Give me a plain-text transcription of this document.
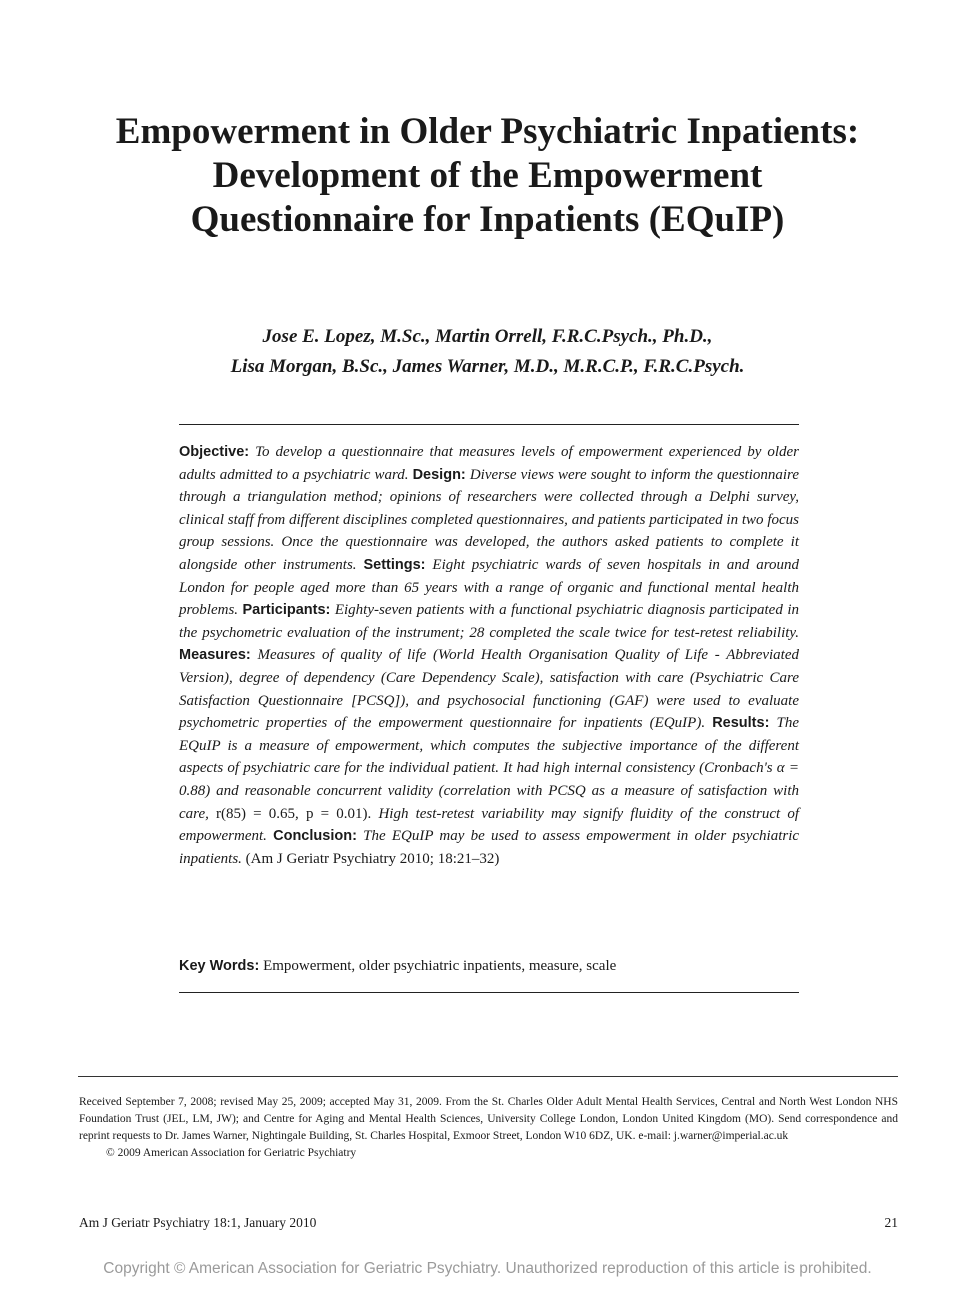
Empowerment in Older Psychiatric Inpatients: Development of the Empowerment Questionnaire for Inpatients (EQuIP)
Jose E. Lopez, M.Sc., Martin Orrell, F.R.C.Psych., Ph.D.,
Lisa Morgan, B.Sc., James Warner, M.D., M.R.C.P., F.R.C.Psych.
Objective: To develop a questionnaire that measures levels of empowerment experienced by older adults admitted to a psychiatric ward. Design: Diverse views were sought to inform the questionnaire through a triangulation method; opinions of researchers were collected through a Delphi survey, clinical staff from different disciplines completed questionnaires, and patients participated in two focus group sessions. Once the questionnaire was developed, the authors asked patients to complete it alongside other instruments. Settings: Eight psychiatric wards of seven hospitals in and around London for people aged more than 65 years with a range of organic and functional mental health problems. Participants: Eighty-seven patients with a functional psychiatric diagnosis participated in the psychometric evaluation of the instrument; 28 completed the scale twice for test-retest reliability. Measures: Measures of quality of life (World Health Organisation Quality of Life - Abbreviated Version), degree of dependency (Care Dependency Scale), satisfaction with care (Psychiatric Care Satisfaction Questionnaire [PCSQ]), and psychosocial functioning (GAF) were used to evaluate psychometric properties of the empowerment questionnaire for inpatients (EQuIP). Results: The EQuIP is a measure of empowerment, which computes the subjective importance of the different aspects of psychiatric care for the individual patient. It had high internal consistency (Cronbach's α = 0.88) and reasonable concurrent validity (correlation with PCSQ as a measure of satisfaction with care, r(85) = 0.65, p = 0.01). High test-retest variability may signify fluidity of the construct of empowerment. Conclusion: The EQuIP may be used to assess empowerment in older psychiatric inpatients. (Am J Geriatr Psychiatry 2010; 18:21–32)
Key Words: Empowerment, older psychiatric inpatients, measure, scale
Received September 7, 2008; revised May 25, 2009; accepted May 31, 2009. From the St. Charles Older Adult Mental Health Services, Central and North West London NHS Foundation Trust (JEL, LM, JW); and Centre for Aging and Mental Health Sciences, University College London, London United Kingdom (MO). Send correspondence and reprint requests to Dr. James Warner, Nightingale Building, St. Charles Hospital, Exmoor Street, London W10 6DZ, UK. e-mail: j.warner@imperial.ac.uk
© 2009 American Association for Geriatric Psychiatry
Am J Geriatr Psychiatry 18:1, January 2010	21
Copyright © American Association for Geriatric Psychiatry. Unauthorized reproduction of this article is prohibited.
